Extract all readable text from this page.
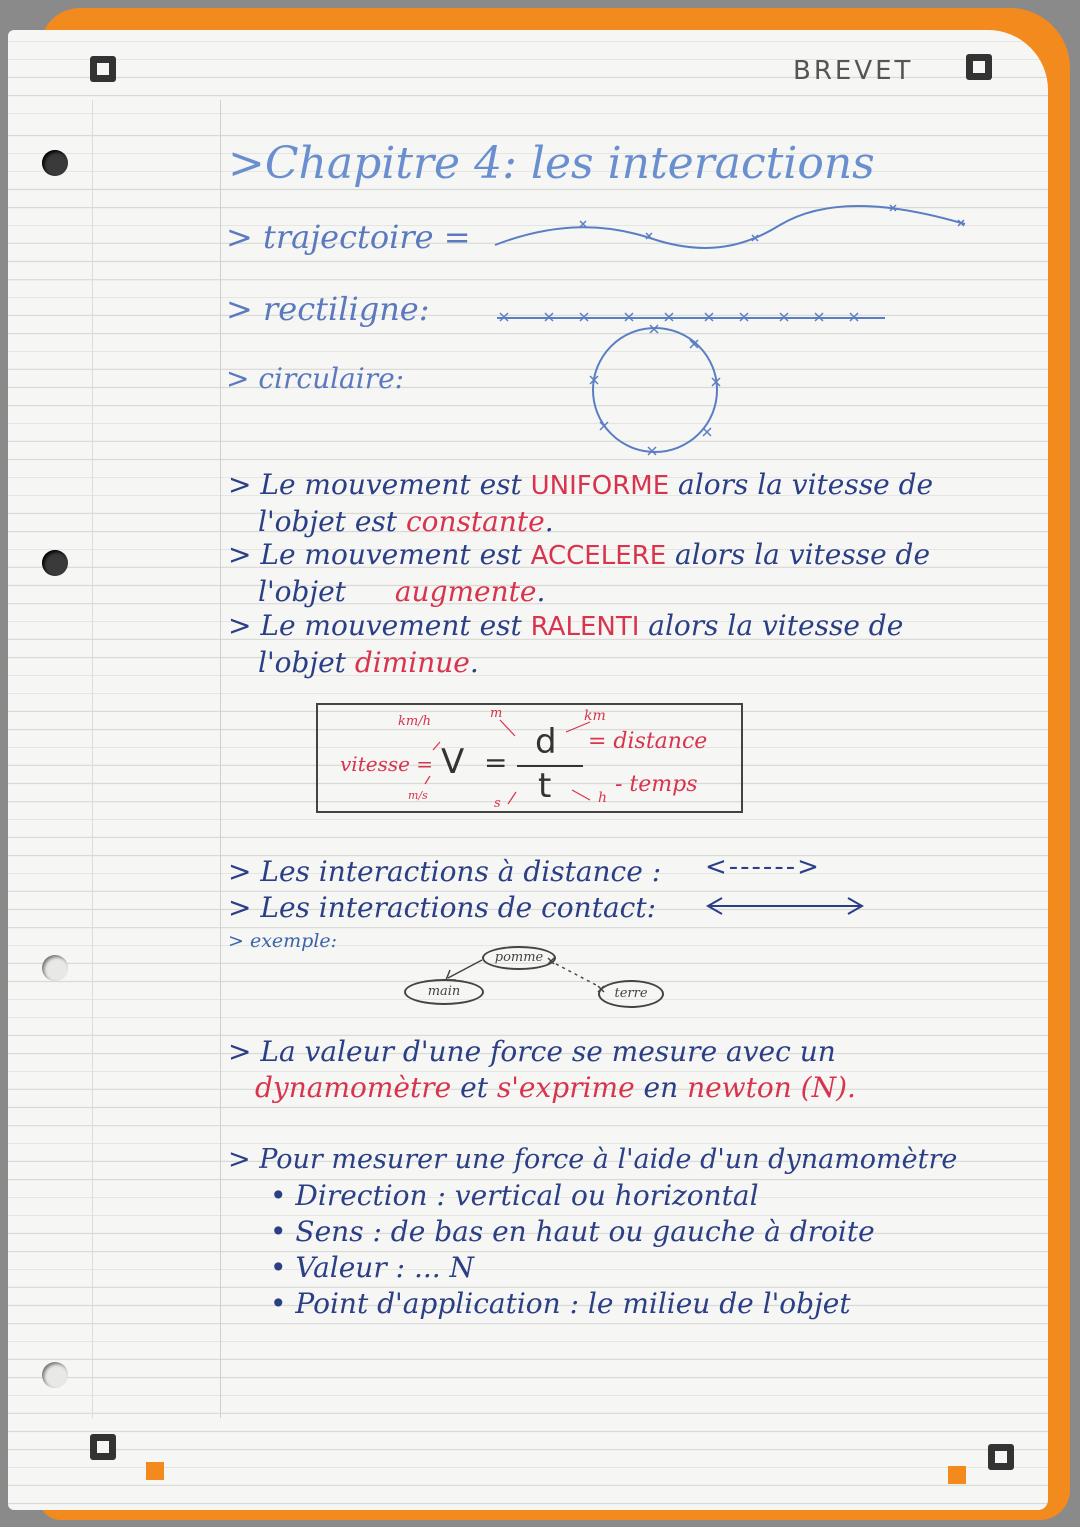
BREVET
>Chapitre 4: les interactions
> trajectoire =
> rectiligne:
> circulaire:
> Le mouvement est UNIFORME alors la vitesse de
l'objet est constante.
> Le mouvement est ACCELERE alors la vitesse de
l'objet augmente.
> Le mouvement est RALENTI alors la vitesse de
l'objet diminue.
vitesse = V =
d
t
= distance
- temps
km/h
m/s
m
s
km
h
> Les interactions à distance : <------>
> Les interactions de contact:
> exemple:
pomme
main	terre
> La valeur d'une force se mesure avec un
dynamomètre et s'exprime en newton (N).
> Pour mesurer une force à l'aide d'un dynamomètre
• Direction : vertical ou horizontal
• Sens : de bas en haut ou gauche à droite
• Valeur : ... N
• Point d'application : le milieu de l'objet
